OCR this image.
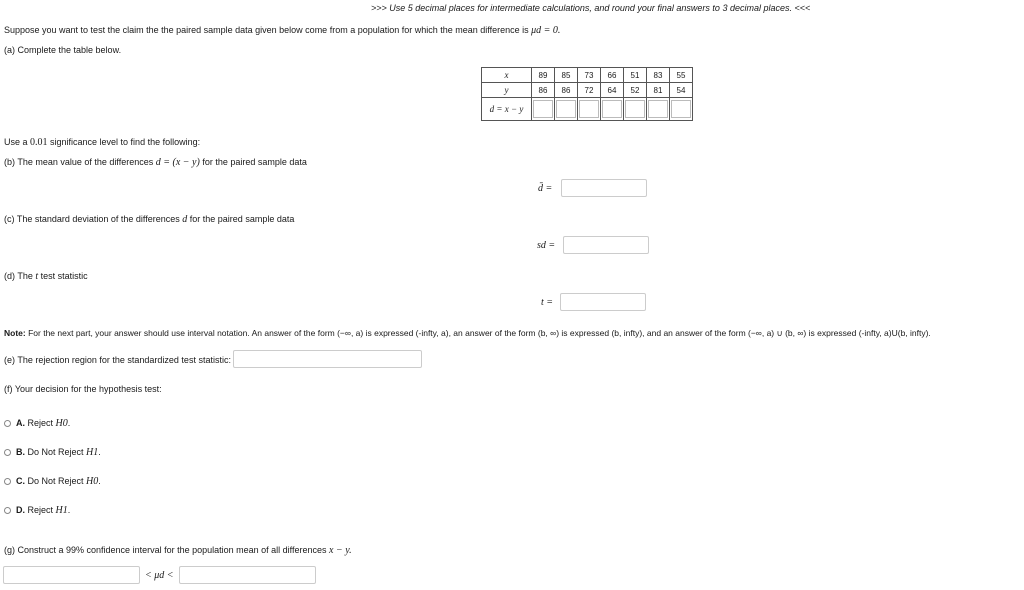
>>> Use 5 decimal places for intermediate calculations, and round your final answers to 3 decimal places. <<<
Suppose you want to test the claim the the paired sample data given below come from a population for which the mean difference is μd = 0.
(a) Complete the table below.
x	89	85	73	66	51	83	55
y	86	86	72	64	52	81	54
d = x − y	

Use a 0.01 significance level to find the following:
(b) The mean value of the differences d = (x − y) for the paired sample data
d̄ =
(c) The standard deviation of the differences d for the paired sample data
sd =
(d) The t test statistic
t =
Note: For the next part, your answer should use interval notation. An answer of the form (−∞, a) is expressed (-infty, a), an answer of the form (b, ∞) is expressed (b, infty), and an answer of the form (−∞, a) ∪ (b, ∞) is expressed (-infty, a)U(b, infty).
(e) The rejection region for the standardized test statistic:
(f) Your decision for the hypothesis test:
A. Reject H0.
B. Do Not Reject H1.
C. Do Not Reject H0.
D. Reject H1.
(g) Construct a 99% confidence interval for the population mean of all differences x − y.
< μd <
